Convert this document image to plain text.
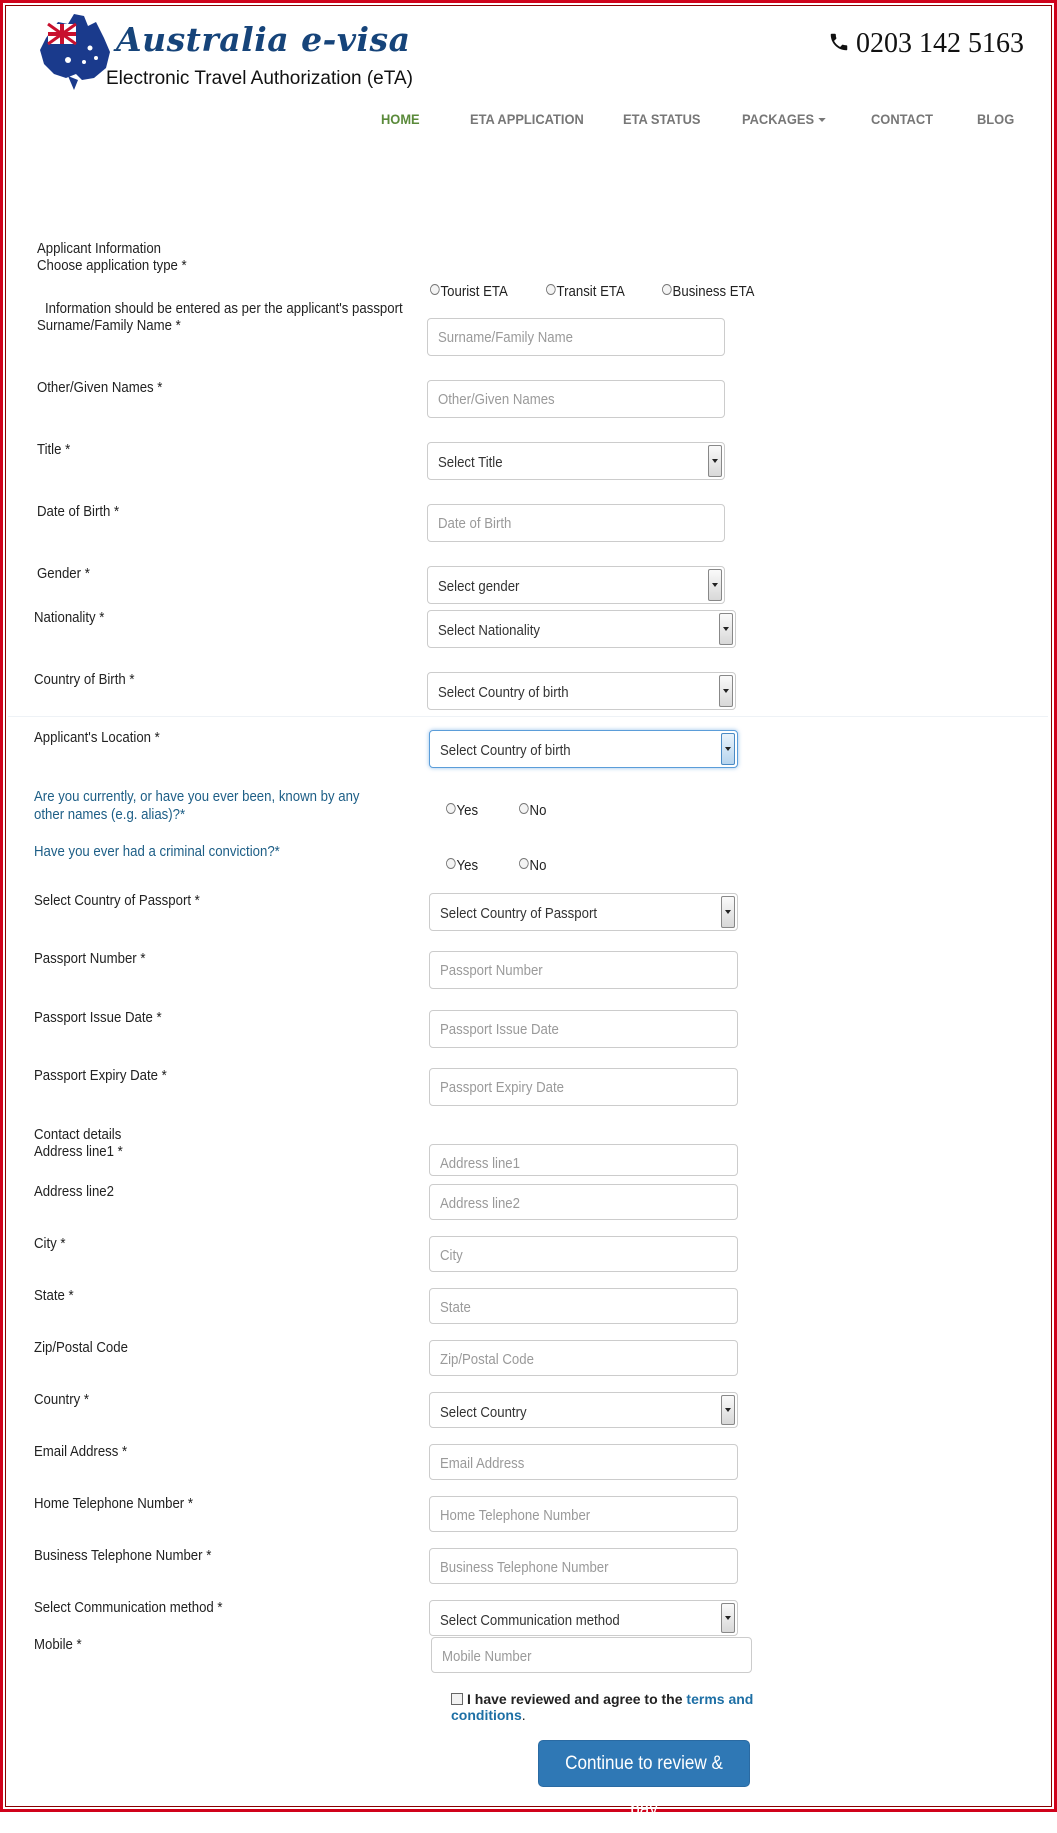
Australia e-visa
Electronic Travel Authorization (eTA)
0203 142 5163
HOME	ETA APPLICATION	ETA STATUS	PACKAGES	CONTACT	BLOG
Applicant Information
Choose application type *
Tourist ETA	Transit ETA	Business ETA
Information should be entered as per the applicant's passport
Surname/Family Name *
Surname/Family Name
Other/Given Names *
Other/Given Names
Title *
Select Title
Date of Birth *
Date of Birth
Gender *
Select gender
Nationality *
Select Nationality
Country of Birth *
Select Country of birth
Applicant's Location *
Select Country of birth
Are you currently, or have you ever been, known by any
other names (e.g. alias)?*	Yes	No
Have you ever had a criminal conviction?*
Yes	No
Select Country of Passport *
Select Country of Passport
Passport Number *
Passport Number
Passport Issue Date *
Passport Issue Date
Passport Expiry Date *
Passport Expiry Date
Contact details
Address line1 *
Address line1
Address line2
Address line2
City *
City
State *
State
Zip/Postal Code
Zip/Postal Code
Country *
Select Country
Email Address *
Email Address
Home Telephone Number *
Home Telephone Number
Business Telephone Number *
Business Telephone Number
Select Communication method *
Select Communication method
Mobile *
Mobile Number
I have reviewed and agree to the terms and conditions.
Continue to review & pay
